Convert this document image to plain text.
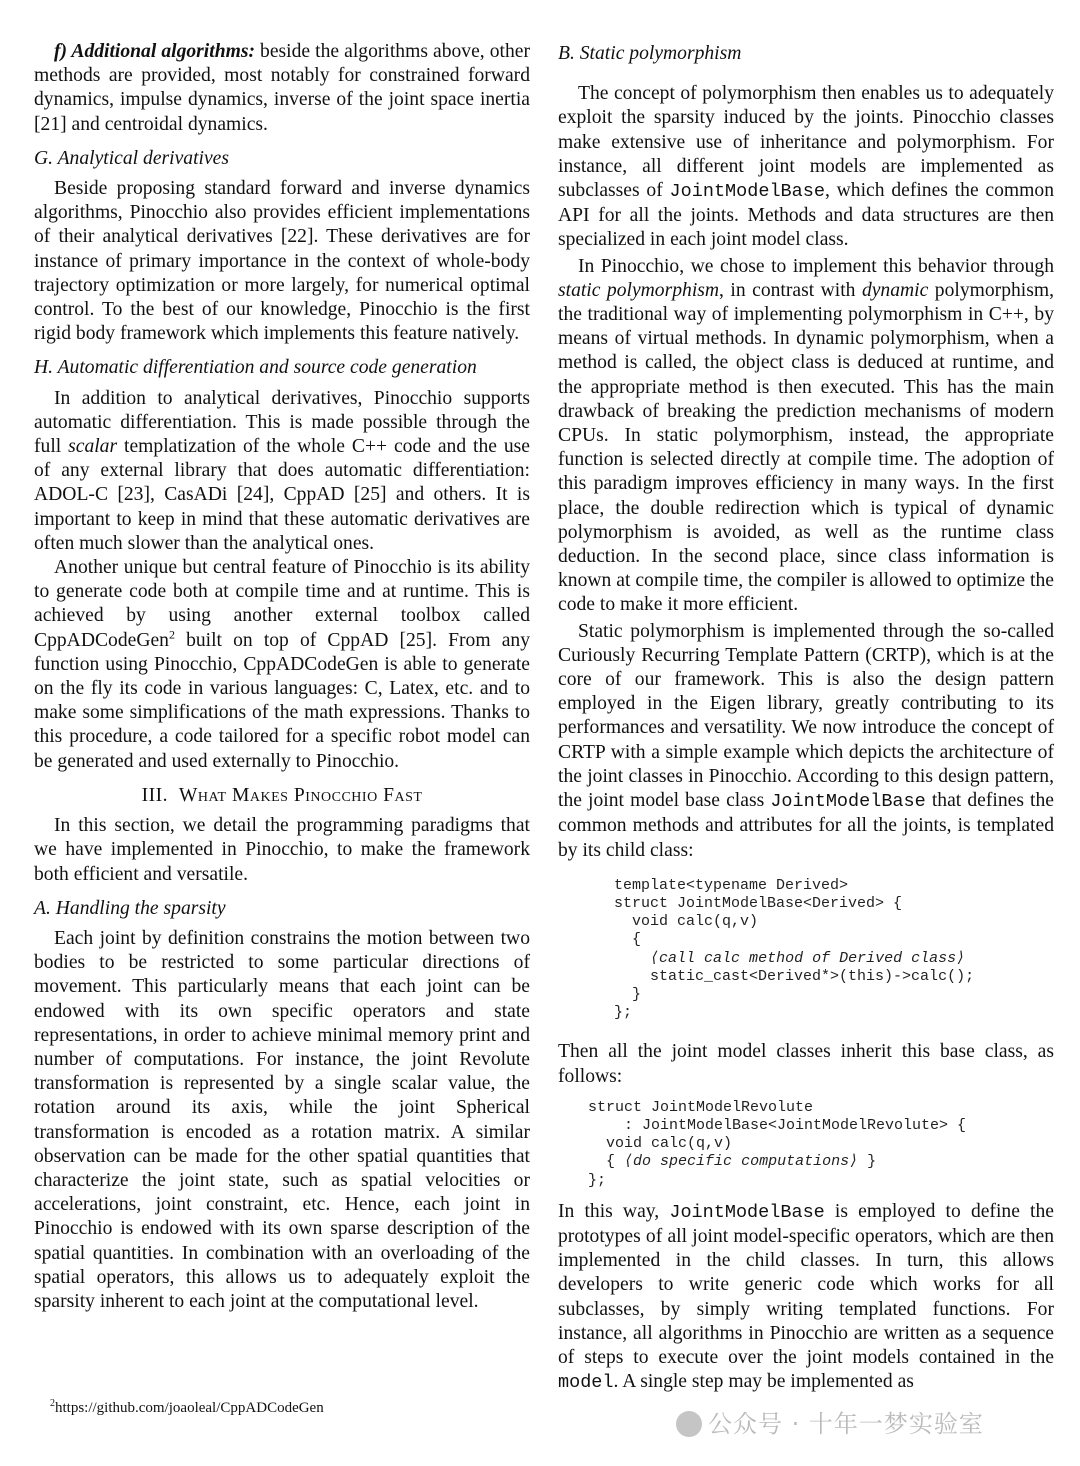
f) Additional algorithms: beside the algorithms above, other methods are provided, most notably for constrained forward dynamics, impulse dynamics, inverse of the joint space inertia [21] and centroidal dynamics.

G. Analytical derivatives

Beside proposing standard forward and inverse dynamics algorithms, Pinocchio also provides efficient implementations of their analytical derivatives [22]. These derivatives are for instance of primary importance in the context of whole-body trajectory optimization or more largely, for numerical optimal control. To the best of our knowledge, Pinocchio is the first rigid body framework which implements this feature natively.

H. Automatic differentiation and source code generation

In addition to analytical derivatives, Pinocchio supports automatic differentiation. This is made possible through the full scalar templatization of the whole C++ code and the use of any external library that does automatic differentiation: ADOL-C [23], CasADi [24], CppAD [25] and others. It is important to keep in mind that these automatic derivatives are often much slower than the analytical ones.

Another unique but central feature of Pinocchio is its ability to generate code both at compile time and at runtime. This is achieved by using another external toolbox called CppADCodeGen$^2$ built on top of CppAD [25]. From any function using Pinocchio, CppADCodeGen is able to generate on the fly its code in various languages: C, Latex, etc. and to make some simplifications of the math expressions. Thanks to this procedure, a code tailored for a specific robot model can be generated and used externally to Pinocchio.

III. What Makes Pinocchio Fast

In this section, we detail the programming paradigms that we have implemented in Pinocchio, to make the framework both efficient and versatile.

A. Handling the sparsity

Each joint by definition constrains the motion between two bodies to be restricted to some particular directions of movement. This particularly means that each joint can be endowed with its own specific operators and state representations, in order to achieve minimal memory print and number of computations. For instance, the joint Revolute transformation is represented by a single scalar value, the rotation around its axis, while the joint Spherical transformation is encoded as a rotation matrix. A similar observation can be made for the other spatial quantities that characterize the joint state, such as spatial velocities or accelerations, joint constraint, etc. Hence, each joint in Pinocchio is endowed with its own sparse description of the spatial quantities. In combination with an overloading of the spatial operators, this allows us to adequately exploit the sparsity inherent to each joint at the computational level.

$^2$https://github.com/joaoleal/CppADCodeGen
B. Static polymorphism

The concept of polymorphism then enables us to adequately exploit the sparsity induced by the joints. Pinocchio classes make extensive use of inheritance and polymorphism. For instance, all different joint models are implemented as subclasses of JointModelBase, which defines the common API for all the joints. Methods and data structures are then specialized in each joint model class.

In Pinocchio, we chose to implement this behavior through static polymorphism, in contrast with dynamic polymorphism, the traditional way of implementing polymorphism in C++, by means of virtual methods. In dynamic polymorphism, when a method is called, the object class is deduced at runtime, and the appropriate method is then executed. This has the main drawback of breaking the prediction mechanisms of modern CPUs. In static polymorphism, instead, the appropriate function is selected directly at compile time. The adoption of this paradigm improves efficiency in many ways. In the first place, the double redirection which is typical of dynamic polymorphism is avoided, as well as the runtime class deduction. In the second place, since class information is known at compile time, the compiler is allowed to optimize the code to make it more efficient.

Static polymorphism is implemented through the so-called Curiously Recurring Template Pattern (CRTP), which is at the core of our framework. This is also the design pattern employed in the Eigen library, greatly contributing to its performances and versatility. We now introduce the concept of CRTP with a simple example which depicts the architecture of the joint classes in Pinocchio. According to this design pattern, the joint model base class JointModelBase that defines the common methods and attributes for all the joints, is templated by its child class:

template<typename Derived>
struct JointModelBase<Derived> {
void calc(q,v)
{
⟨call calc method of Derived class⟩
static_cast<Derived*>(this)->calc();
}
};

Then all the joint model classes inherit this base class, as follows:

struct JointModelRevolute
: JointModelBase<JointModelRevolute> {
void calc(q,v)
{ ⟨do specific computations⟩ }
};

In this way, JointModelBase is employed to define the prototypes of all joint model-specific operators, which are then implemented in the child classes. In turn, this allows developers to write generic code which works for all subclasses, by simply writing templated functions. For instance, all algorithms in Pinocchio are written as a sequence of steps to execute over the joint models contained in the model. A single step may be implemented as

公众号 · 十年一梦实验室
